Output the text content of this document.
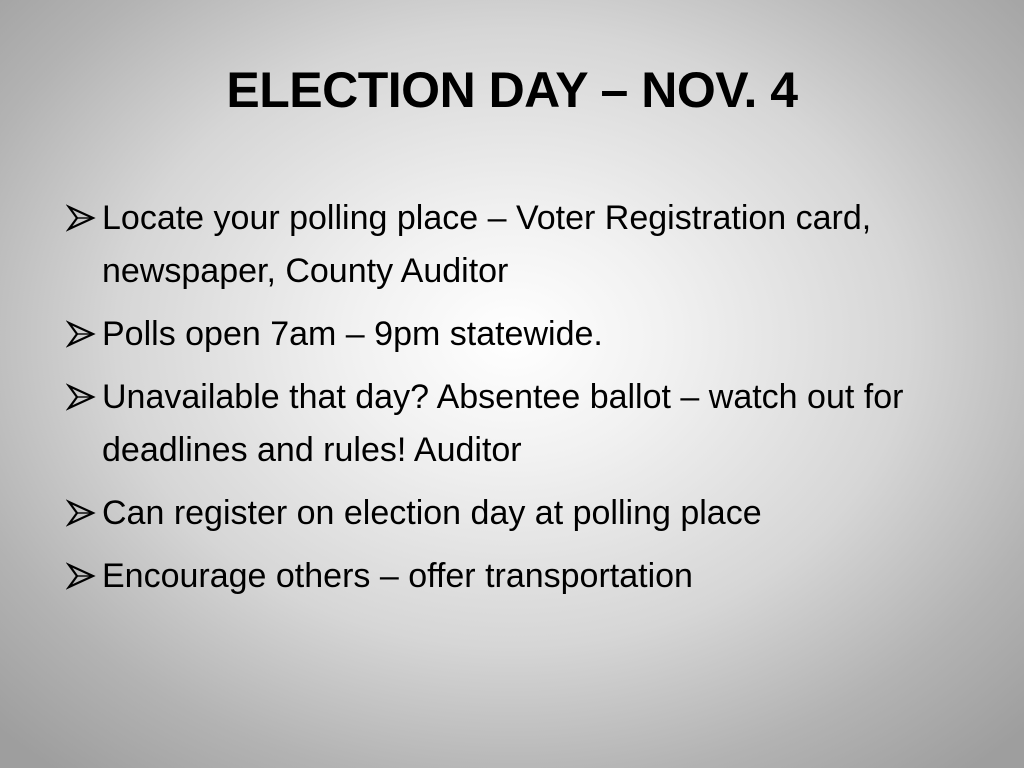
ELECTION DAY – NOV. 4
Locate your polling place – Voter Registration card, newspaper, County Auditor
Polls open 7am – 9pm statewide.
Unavailable that day? Absentee ballot – watch out for deadlines and rules! Auditor
Can register on election day at polling place
Encourage others – offer transportation
